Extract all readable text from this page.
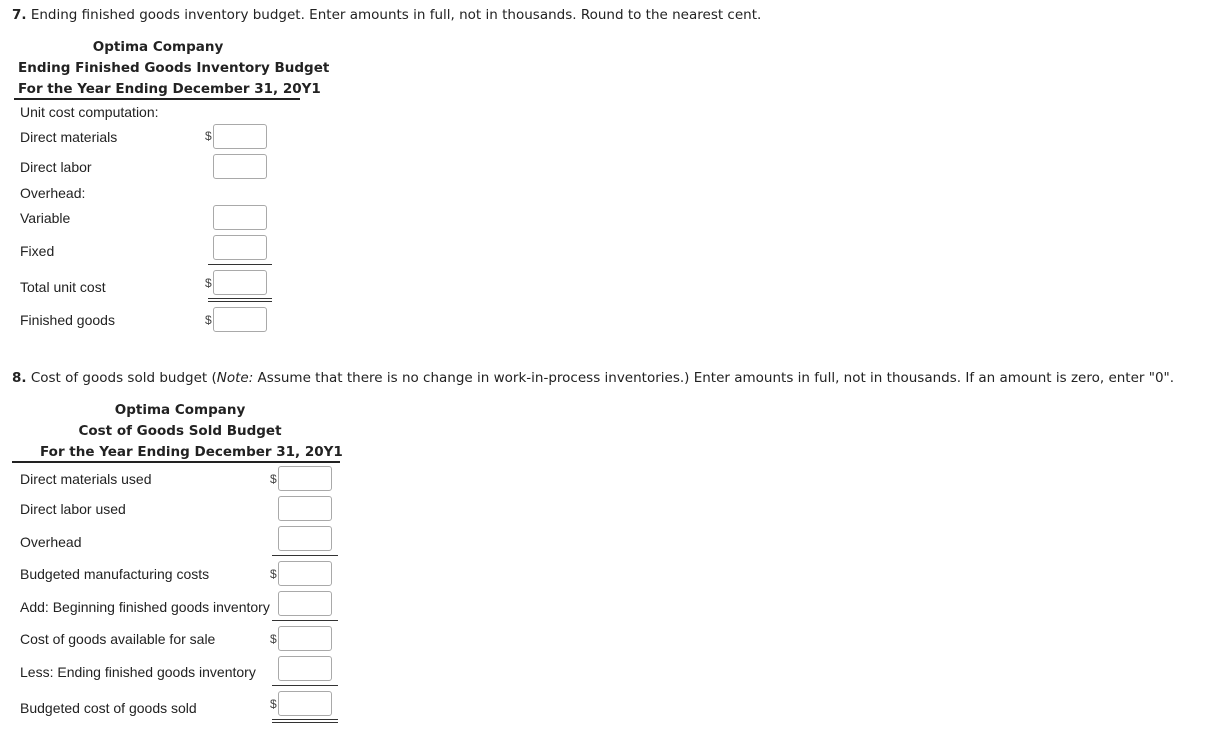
7. Ending finished goods inventory budget. Enter amounts in full, not in thousands. Round to the nearest cent.
Optima Company
Ending Finished Goods Inventory Budget
For the Year Ending December 31, 20Y1
Unit cost computation:
Direct materials	$
Direct labor
Overhead:
Variable
Fixed
Total unit cost	$
Finished goods	$
8. Cost of goods sold budget (Note: Assume that there is no change in work-in-process inventories.) Enter amounts in full, not in thousands. If an amount is zero, enter "0".
Optima Company
Cost of Goods Sold Budget
For the Year Ending December 31, 20Y1
Direct materials used	$
Direct labor used
Overhead
Budgeted manufacturing costs	$
Add: Beginning finished goods inventory
Cost of goods available for sale	$
Less: Ending finished goods inventory
Budgeted cost of goods sold	$
